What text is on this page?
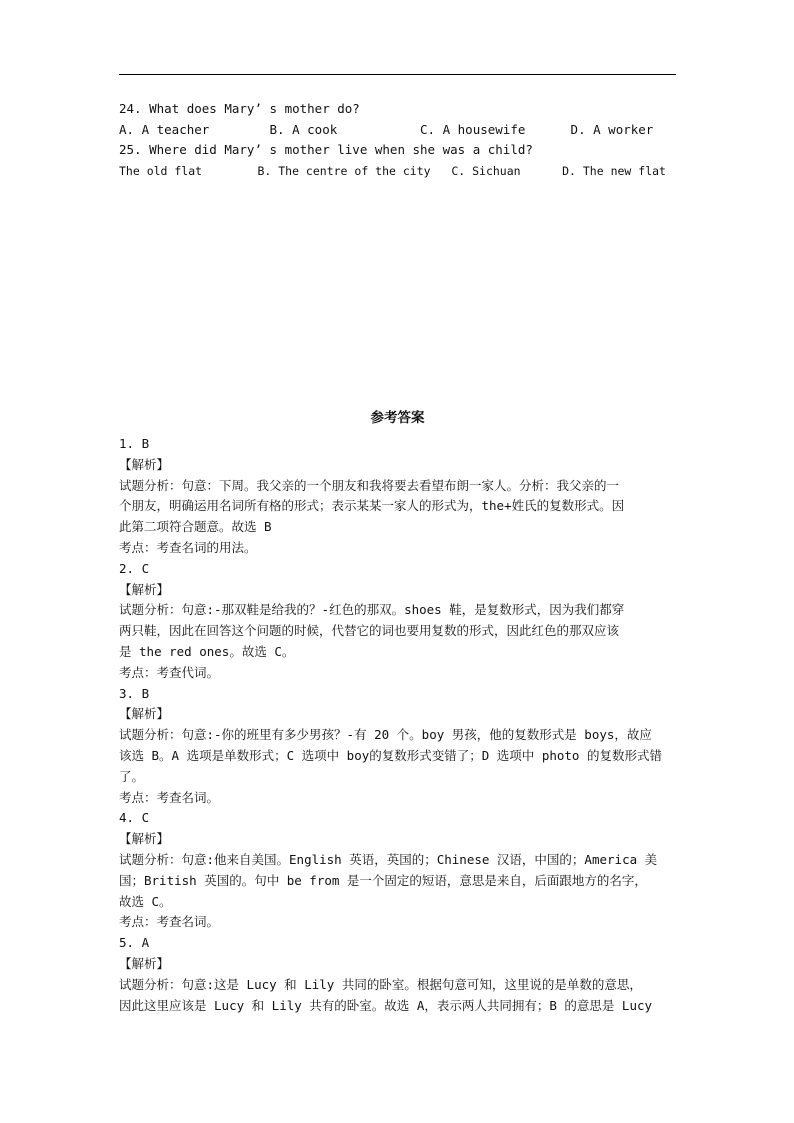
24. What does Mary’ s mother do?
A. A teacher        B. A cook           C. A housewife      D. A worker
25. Where did Mary’ s mother live when she was a child?
The old flat        B. The centre of the city   C. Sichuan      D. The new flat
参考答案
1. B
【解析】
试题分析：句意：下周。我父亲的一个朋友和我将要去看望布朗一家人。分析：我父亲的一
个朋友，明确运用名词所有格的形式；表示某某一家人的形式为，the+姓氏的复数形式。因
此第二项符合题意。故选 B
考点：考查名词的用法。
2. C
【解析】
试题分析：句意:-那双鞋是给我的？-红色的那双。shoes 鞋，是复数形式，因为我们都穿
两只鞋，因此在回答这个问题的时候，代替它的词也要用复数的形式，因此红色的那双应该
是 the red ones。故选 C。
考点：考查代词。
3. B
【解析】
试题分析：句意:-你的班里有多少男孩？-有 20 个。boy 男孩，他的复数形式是 boys，故应
该选 B。A 选项是单数形式；C 选项中 boy的复数形式变错了；D 选项中 photo 的复数形式错
了。
考点：考查名词。
4. C
【解析】
试题分析：句意:他来自美国。English 英语，英国的；Chinese 汉语，中国的；America 美
国；British 英国的。句中 be from 是一个固定的短语，意思是来自，后面跟地方的名字，
故选 C。
考点：考查名词。
5. A
【解析】
试题分析：句意:这是 Lucy 和 Lily 共同的卧室。根据句意可知，这里说的是单数的意思，
因此这里应该是 Lucy 和 Lily 共有的卧室。故选 A，表示两人共同拥有；B 的意思是 Lucy
